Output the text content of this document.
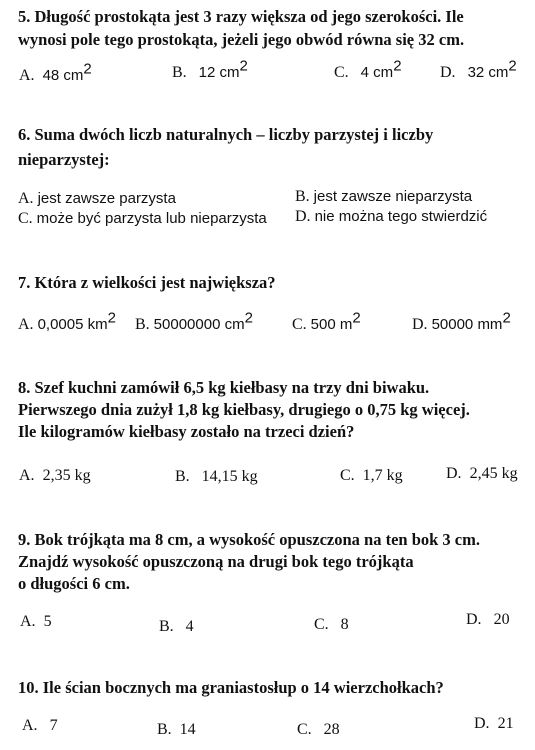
5. Długość prostokąta jest 3 razy większa od jego szerokości. Ile
wynosi pole tego prostokąta, jeżeli jego obwód równa się 32 cm.
A. 48 $cm^2$	B. 12 $cm^2$	C. 4 $cm^2$ D. 32 $cm^2$
6. Suma dwóch liczb naturalnych – liczby parzystej i liczby
nieparzystej:
A. jest zawsze parzysta	B. jest zawsze nieparzysta
C. może być parzysta lub nieparzysta D. nie można tego stwierdzić
7. Która z wielkości jest największa?
A. 0,0005 $km^2$ B. 50000000 $cm^2$ C. 500 $m^2$	D. 50000 $mm^2$
8. Szef kuchni zamówił 6,5 kg kiełbasy na trzy dni biwaku.
Pierwszego dnia zużył 1,8 kg kiełbasy, drugiego o 0,75 kg więcej.
Ile kilogramów kiełbasy zostało na trzeci dzień?
A. 2,35 kg	B. 14,15 kg	C. 1,7 kg	D. 2,45 kg
9. Bok trójkąta ma 8 cm, a wysokość opuszczona na ten bok 3 cm.
Znajdź wysokość opuszczoną na drugi bok tego trójkąta
o długości 6 cm.
A. 5	B. 4	C. 8	D. 20
10. Ile ścian bocznych ma graniastosłup o 14 wierzchołkach?
A. 7	B. 14	C. 28	D. 21
